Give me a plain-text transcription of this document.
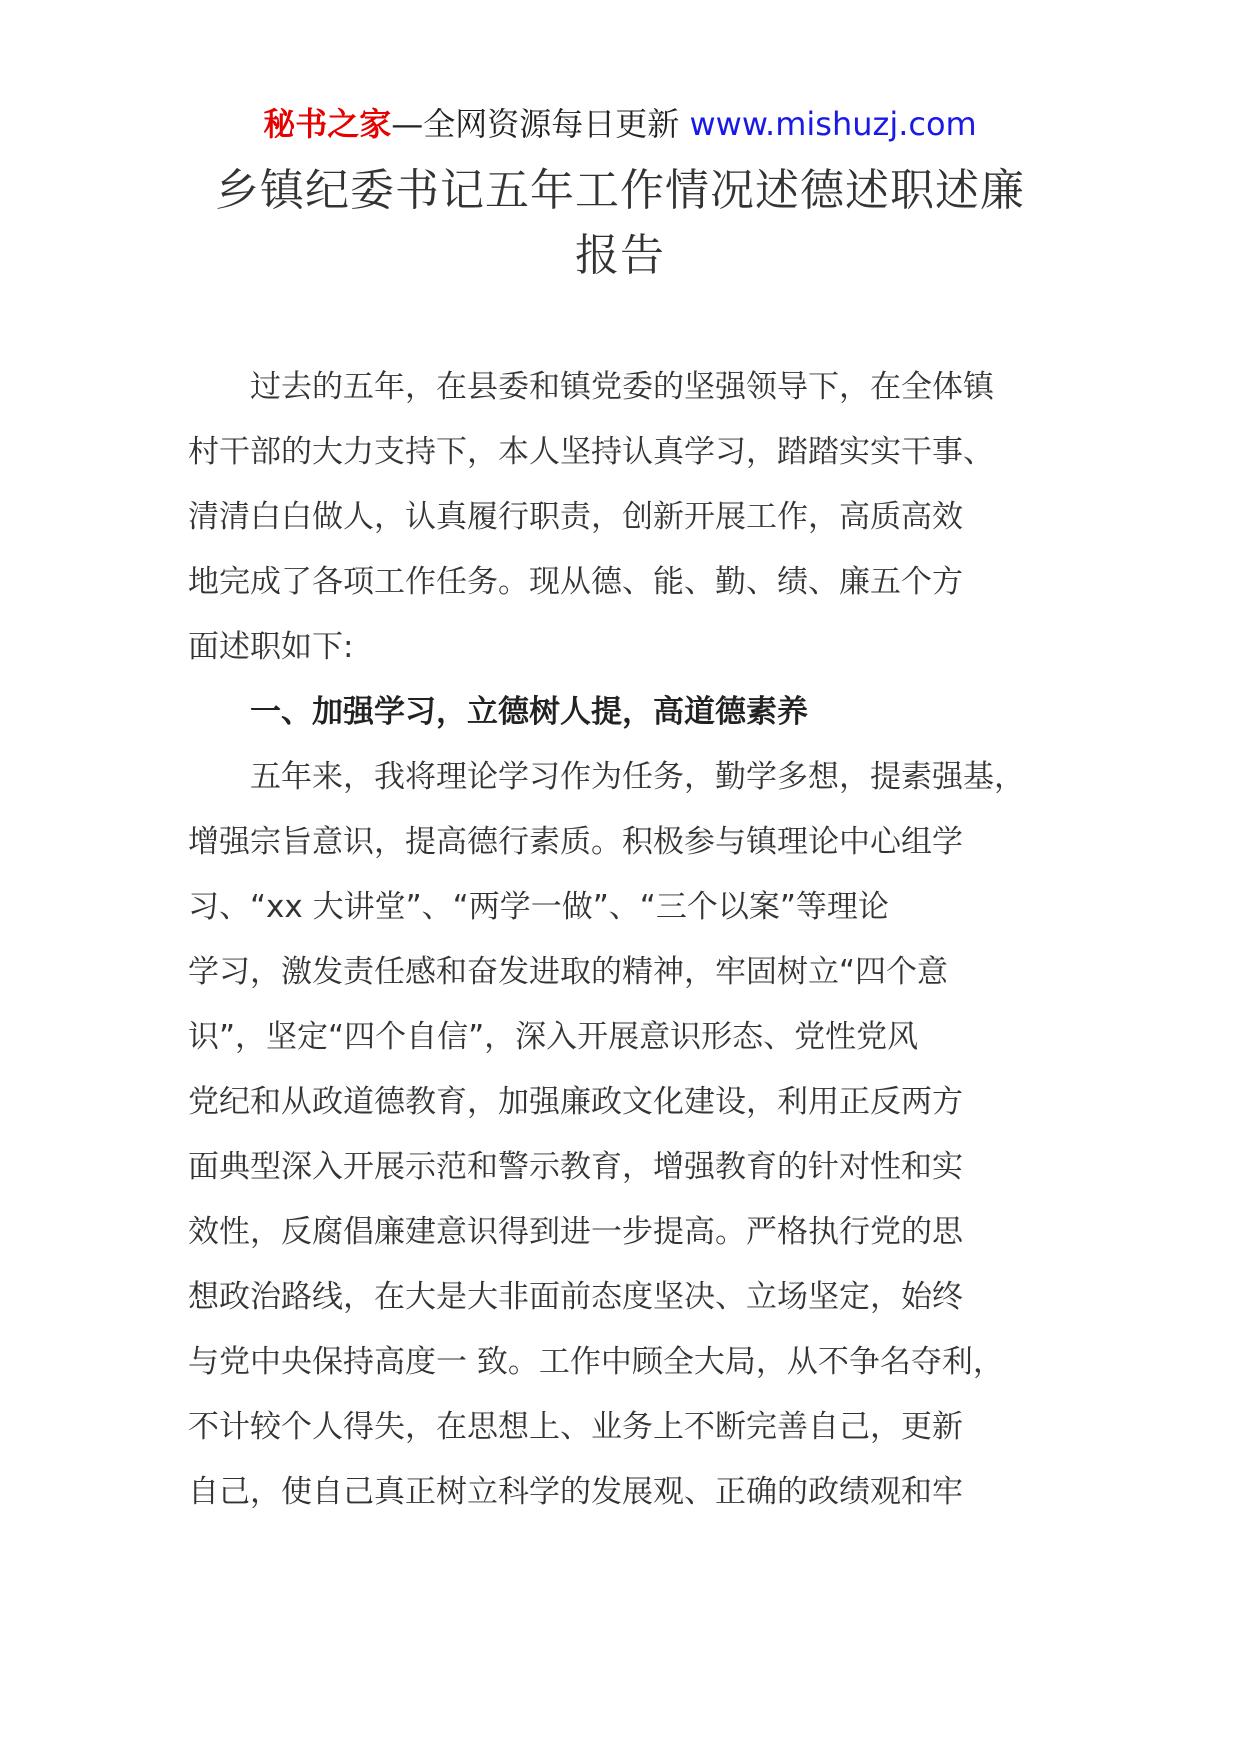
秘书之家—全网资源每日更新 www.mishuzj.com
乡镇纪委书记五年工作情况述德述职述廉
报告
过去的五年，在县委和镇党委的坚强领导下，在全体镇
村干部的大力支持下，本人坚持认真学习，踏踏实实干事、
清清白白做人，认真履行职责，创新开展工作，高质高效
地完成了各项工作任务。现从德、能、勤、绩、廉五个方
面述职如下:
一、加强学习，立德树人提，高道德素养
五年来，我将理论学习作为任务，勤学多想，提素强基，
增强宗旨意识，提高德行素质。积极参与镇理论中心组学
习、“xx 大讲堂”、“两学一做”、“三个以案”等理论
学习，激发责任感和奋发进取的精神，牢固树立“四个意
识”，坚定“四个自信”，深入开展意识形态、党性党风
党纪和从政道德教育，加强廉政文化建设，利用正反两方
面典型深入开展示范和警示教育，增强教育的针对性和实
效性，反腐倡廉建意识得到进一步提高。严格执行党的思
想政治路线，在大是大非面前态度坚决、立场坚定，始终
与党中央保持高度一 致。工作中顾全大局，从不争名夺利，
不计较个人得失，在思想上、业务上不断完善自己，更新
自己，使自己真正树立科学的发展观、正确的政绩观和牢
